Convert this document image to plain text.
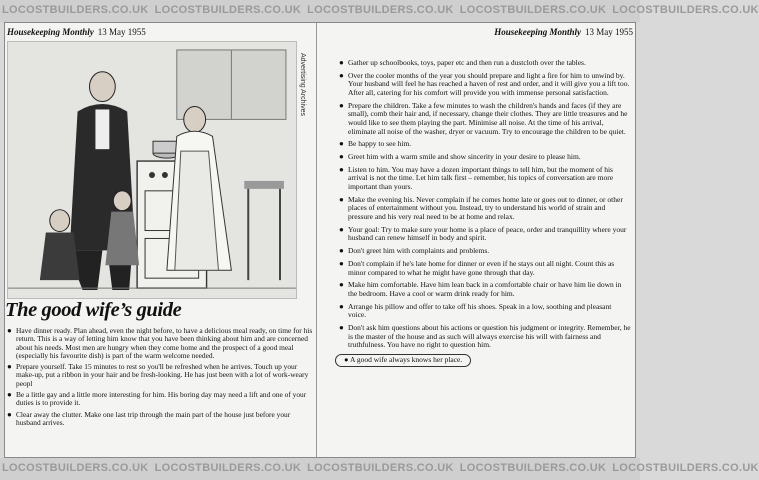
LOCOSTBUILDERS.CO.UK LOCOSTBUILDERS.CO.UK LOCOSTBUILDERS.CO.UK LOCOSTBUILDERS.CO.UK LOCOSTBUILDERS.CO.UK
Housekeeping Monthly 13 May 1955
Advertising Archives
The good wife’s guide
● Have dinner ready. Plan ahead, even the night before, to have a delicious meal ready, on time for his return. This is a way of letting him know that you have been thinking about him and are concerned about his needs. Most men are hungry when they come home and the prospect of a good meal (especially his favourite dish) is part of the warm welcome needed.
● Prepare yourself. Take 15 minutes to rest so you'll be refreshed when he arrives. Touch up your make-up, put a ribbon in your hair and be fresh-looking. He has just been with a lot of work-weary peopl
● Be a little gay and a little more interesting for him. His boring day may need a lift and one of your duties is to provide it.
● Clear away the clutter. Make one last trip through the main part of the house just before your husband arrives.
Housekeeping Monthly 13 May 1955
● Gather up schoolbooks, toys, paper etc and then run a dustcloth over the tables.
● Over the cooler months of the year you should prepare and light a fire for him to unwind by. Your husband will feel he has reached a haven of rest and order, and it will give you a lift too. After all, catering for his comfort will provide you with immense personal satisfaction.
● Prepare the children. Take a few minutes to wash the children's hands and faces (if they are small), comb their hair and, if necessary, change their clothes. They are little treasures and he would like to see them playing the part. Minimise all noise. At the time of his arrival, eliminate all noise of the washer, dryer or vacuum. Try to encourage the children to be quiet.
● Be happy to see him.
● Greet him with a warm smile and show sincerity in your desire to please him.
● Listen to him. You may have a dozen important things to tell him, but the moment of his arrival is not the time. Let him talk first – remember, his topics of conversation are more important than yours.
● Make the evening his. Never complain if he comes home late or goes out to dinner, or other places of entertainment without you. Instead, try to understand his world of strain and pressure and his very real need to be at home and relax.
● Your goal: Try to make sure your home is a place of peace, order and tranquillity where your husband can renew himself in body and spirit.
● Don't greet him with complaints and problems.
● Don't complain if he's late home for dinner or even if he stays out all night. Count this as minor compared to what he might have gone through that day.
● Make him comfortable. Have him lean back in a comfortable chair or have him lie down in the bedroom. Have a cool or warm drink ready for him.
● Arrange his pillow and offer to take off his shoes. Speak in a low, soothing and pleasant voice.
● Don't ask him questions about his actions or question his judgment or integrity. Remember, he is the master of the house and as such will always exercise his will with fairness and truthfulness. You have no right to question him.
● A good wife always knows her place.
LOCOSTBUILDERS.CO.UK LOCOSTBUILDERS.CO.UK LOCOSTBUILDERS.CO.UK LOCOSTBUILDERS.CO.UK LOCOSTBUILDERS.CO.UK
